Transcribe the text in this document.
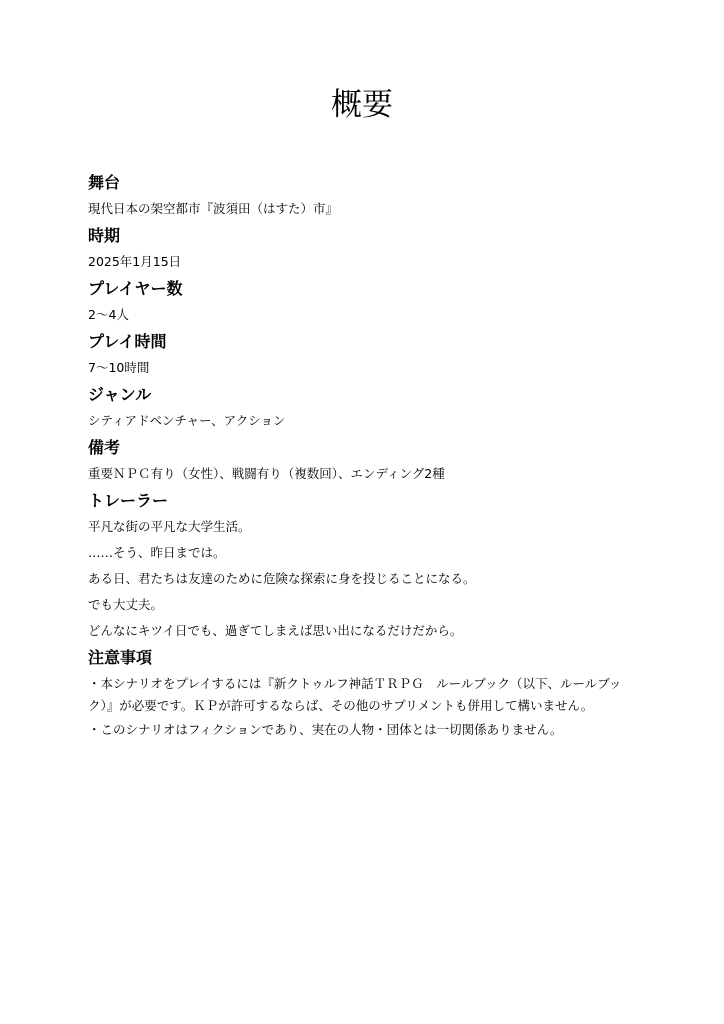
概要
舞台
現代日本の架空都市『波須田（はすた）市』
時期
2025年1月15日
プレイヤー数
2〜4人
プレイ時間
7〜10時間
ジャンル
シティアドベンチャー、アクション
備考
重要ＮＰＣ有り（女性）、戦闘有り（複数回）、エンディング2種
トレーラー
平凡な街の平凡な大学生活。
……そう、昨日までは。
ある日、君たちは友達のために危険な探索に身を投じることになる。
でも大丈夫。
どんなにキツイ日でも、過ぎてしまえば思い出になるだけだから。
注意事項

・本シナリオをプレイするには『新クトゥルフ神話ＴＲＰＧ　ルールブック（以下、ルールブック）』が必要です。ＫＰが許可するならば、その他のサプリメントも併用して構いません。

・このシナリオはフィクションであり、実在の人物・団体とは一切関係ありません。
